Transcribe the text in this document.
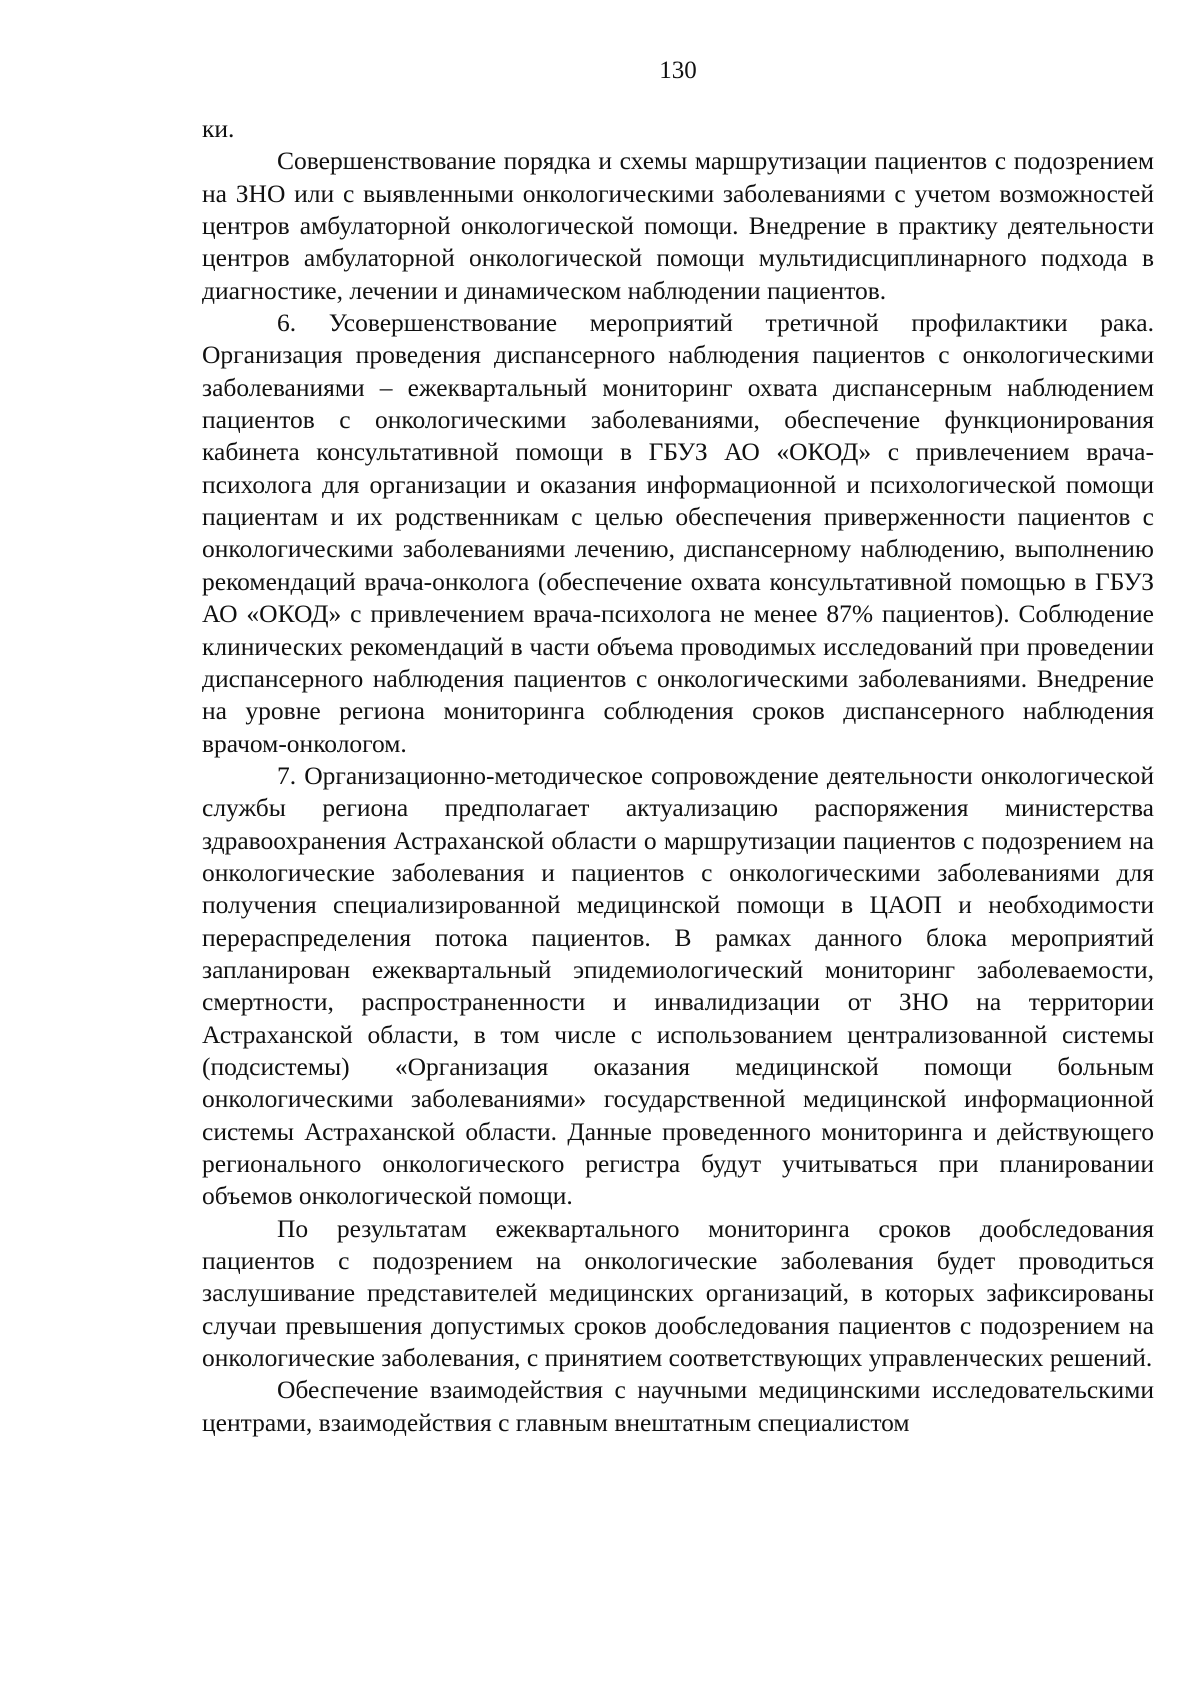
130

ки.

Совершенствование порядка и схемы маршрутизации пациентов с подозрением на ЗНО или с выявленными онкологическими заболеваниями с учетом возможностей центров амбулаторной онкологической помощи. Внедрение в практику деятельности центров амбулаторной онкологической помощи мультидисциплинарного подхода в диагностике, лечении и динамическом наблюдении пациентов.

6. Усовершенствование мероприятий третичной профилактики рака. Организация проведения диспансерного наблюдения пациентов с онкологическими заболеваниями – ежеквартальный мониторинг охвата диспансерным наблюдением пациентов с онкологическими заболеваниями, обеспечение функционирования кабинета консультативной помощи в ГБУЗ АО «ОКОД» с привлечением врача-психолога для организации и оказания информационной и психологической помощи пациентам и их родственникам с целью обеспечения приверженности пациентов с онкологическими заболеваниями лечению, диспансерному наблюдению, выполнению рекомендаций врача-онколога (обеспечение охвата консультативной помощью в ГБУЗ АО «ОКОД» с привлечением врача-психолога не менее 87% пациентов). Соблюдение клинических рекомендаций в части объема проводимых исследований при проведении диспансерного наблюдения пациентов с онкологическими заболеваниями. Внедрение на уровне региона мониторинга соблюдения сроков диспансерного наблюдения врачом-онкологом.

7. Организационно-методическое сопровождение деятельности онкологической службы региона предполагает актуализацию распоряжения министерства здравоохранения Астраханской области о маршрутизации пациентов с подозрением на онкологические заболевания и пациентов с онкологическими заболеваниями для получения специализированной медицинской помощи в ЦАОП и необходимости перераспределения потока пациентов. В рамках данного блока мероприятий запланирован ежеквартальный эпидемиологический мониторинг заболеваемости, смертности, распространенности и инвалидизации от ЗНО на территории Астраханской области, в том числе с использованием централизованной системы (подсистемы) «Организация оказания медицинской помощи больным онкологическими заболеваниями» государственной медицинской информационной системы Астраханской области. Данные проведенного мониторинга и действующего регионального онкологического регистра будут учитываться при планировании объемов онкологической помощи.

По результатам ежеквартального мониторинга сроков дообследования пациентов с подозрением на онкологические заболевания будет проводиться заслушивание представителей медицинских организаций, в которых зафиксированы случаи превышения допустимых сроков дообследования пациентов с подозрением на онкологические заболевания, с принятием соответствующих управленческих решений.

Обеспечение взаимодействия с научными медицинскими исследовательскими центрами, взаимодействия с главным внештатным специалистом
